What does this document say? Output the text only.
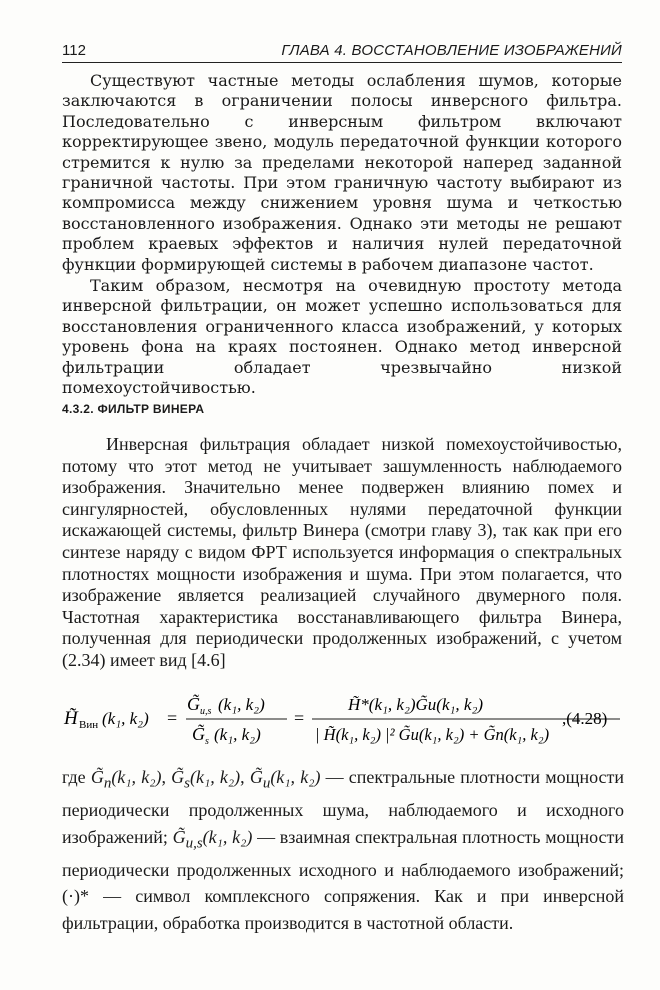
112	ГЛАВА 4. ВОССТАНОВЛЕНИЕ ИЗОБРАЖЕНИЙ

Существуют частные методы ослабления шумов, которые заключаются в ограничении полосы инверсного фильтра. Последовательно с инверсным фильтром включают корректирующее звено, модуль передаточной функции которого стремится к нулю за пределами некоторой наперед заданной граничной частоты. При этом граничную частоту выбирают из компромисса между снижением уровня шума и четкостью восстановленного изображения. Однако эти методы не решают проблем краевых эффектов и наличия нулей передаточной функции формирующей системы в рабочем диапазоне частот.

Таким образом, несмотря на очевидную простоту метода инверсной фильтрации, он может успешно использоваться для восстановления ограниченного класса изображений, у которых уровень фона на краях постоянен. Однако метод инверсной фильтрации обладает чрезвычайно низкой помехоустойчивостью.

4.3.2. ФИЛЬТР ВИНЕРА

Инверсная фильтрация обладает низкой помехоустойчивостью, потому что этот метод не учитывает зашумленность наблюдаемого изображения. Значительно менее подвержен влиянию помех и сингулярностей, обусловленных нулями передаточной функции искажающей системы, фильтр Винера (смотри главу 3), так как при его синтезе наряду с видом ФРТ используется информация о спектральных плотностях мощности изображения и шума. При этом полагается, что изображение является реализацией случайного двумерного поля. Частотная характеристика восстанавливающего фильтра Винера, полученная для периодически продолженных изображений, с учетом (2.34) имеет вид [4.6]

H̃ Вин (k₁, k₂) =
G̃ u,s (k₁, k₂)
G̃ s (k₁, k₂)
=
H̃*(k₁, k₂)G̃u(k₁, k₂)
| H̃(k₁, k₂) |² G̃u(k₁, k₂) + G̃n(k₁, k₂)
,(4.28)

где $G̃_n(k_1$, k₂), $G̃_s(k_1$, k₂), $G̃_u(k_1$, k₂) — спектральные плотности мощности периодически продолженных шума, наблюдаемого и исходного изображений; $G̃_{u,s}(k_1$, k₂) — взаимная спектральная плотность мощности периодически продолженных исходного и наблюдаемого изображений; (·)* — символ комплексного сопряжения. Как и при инверсной фильтрации, обработка производится в частотной области.
